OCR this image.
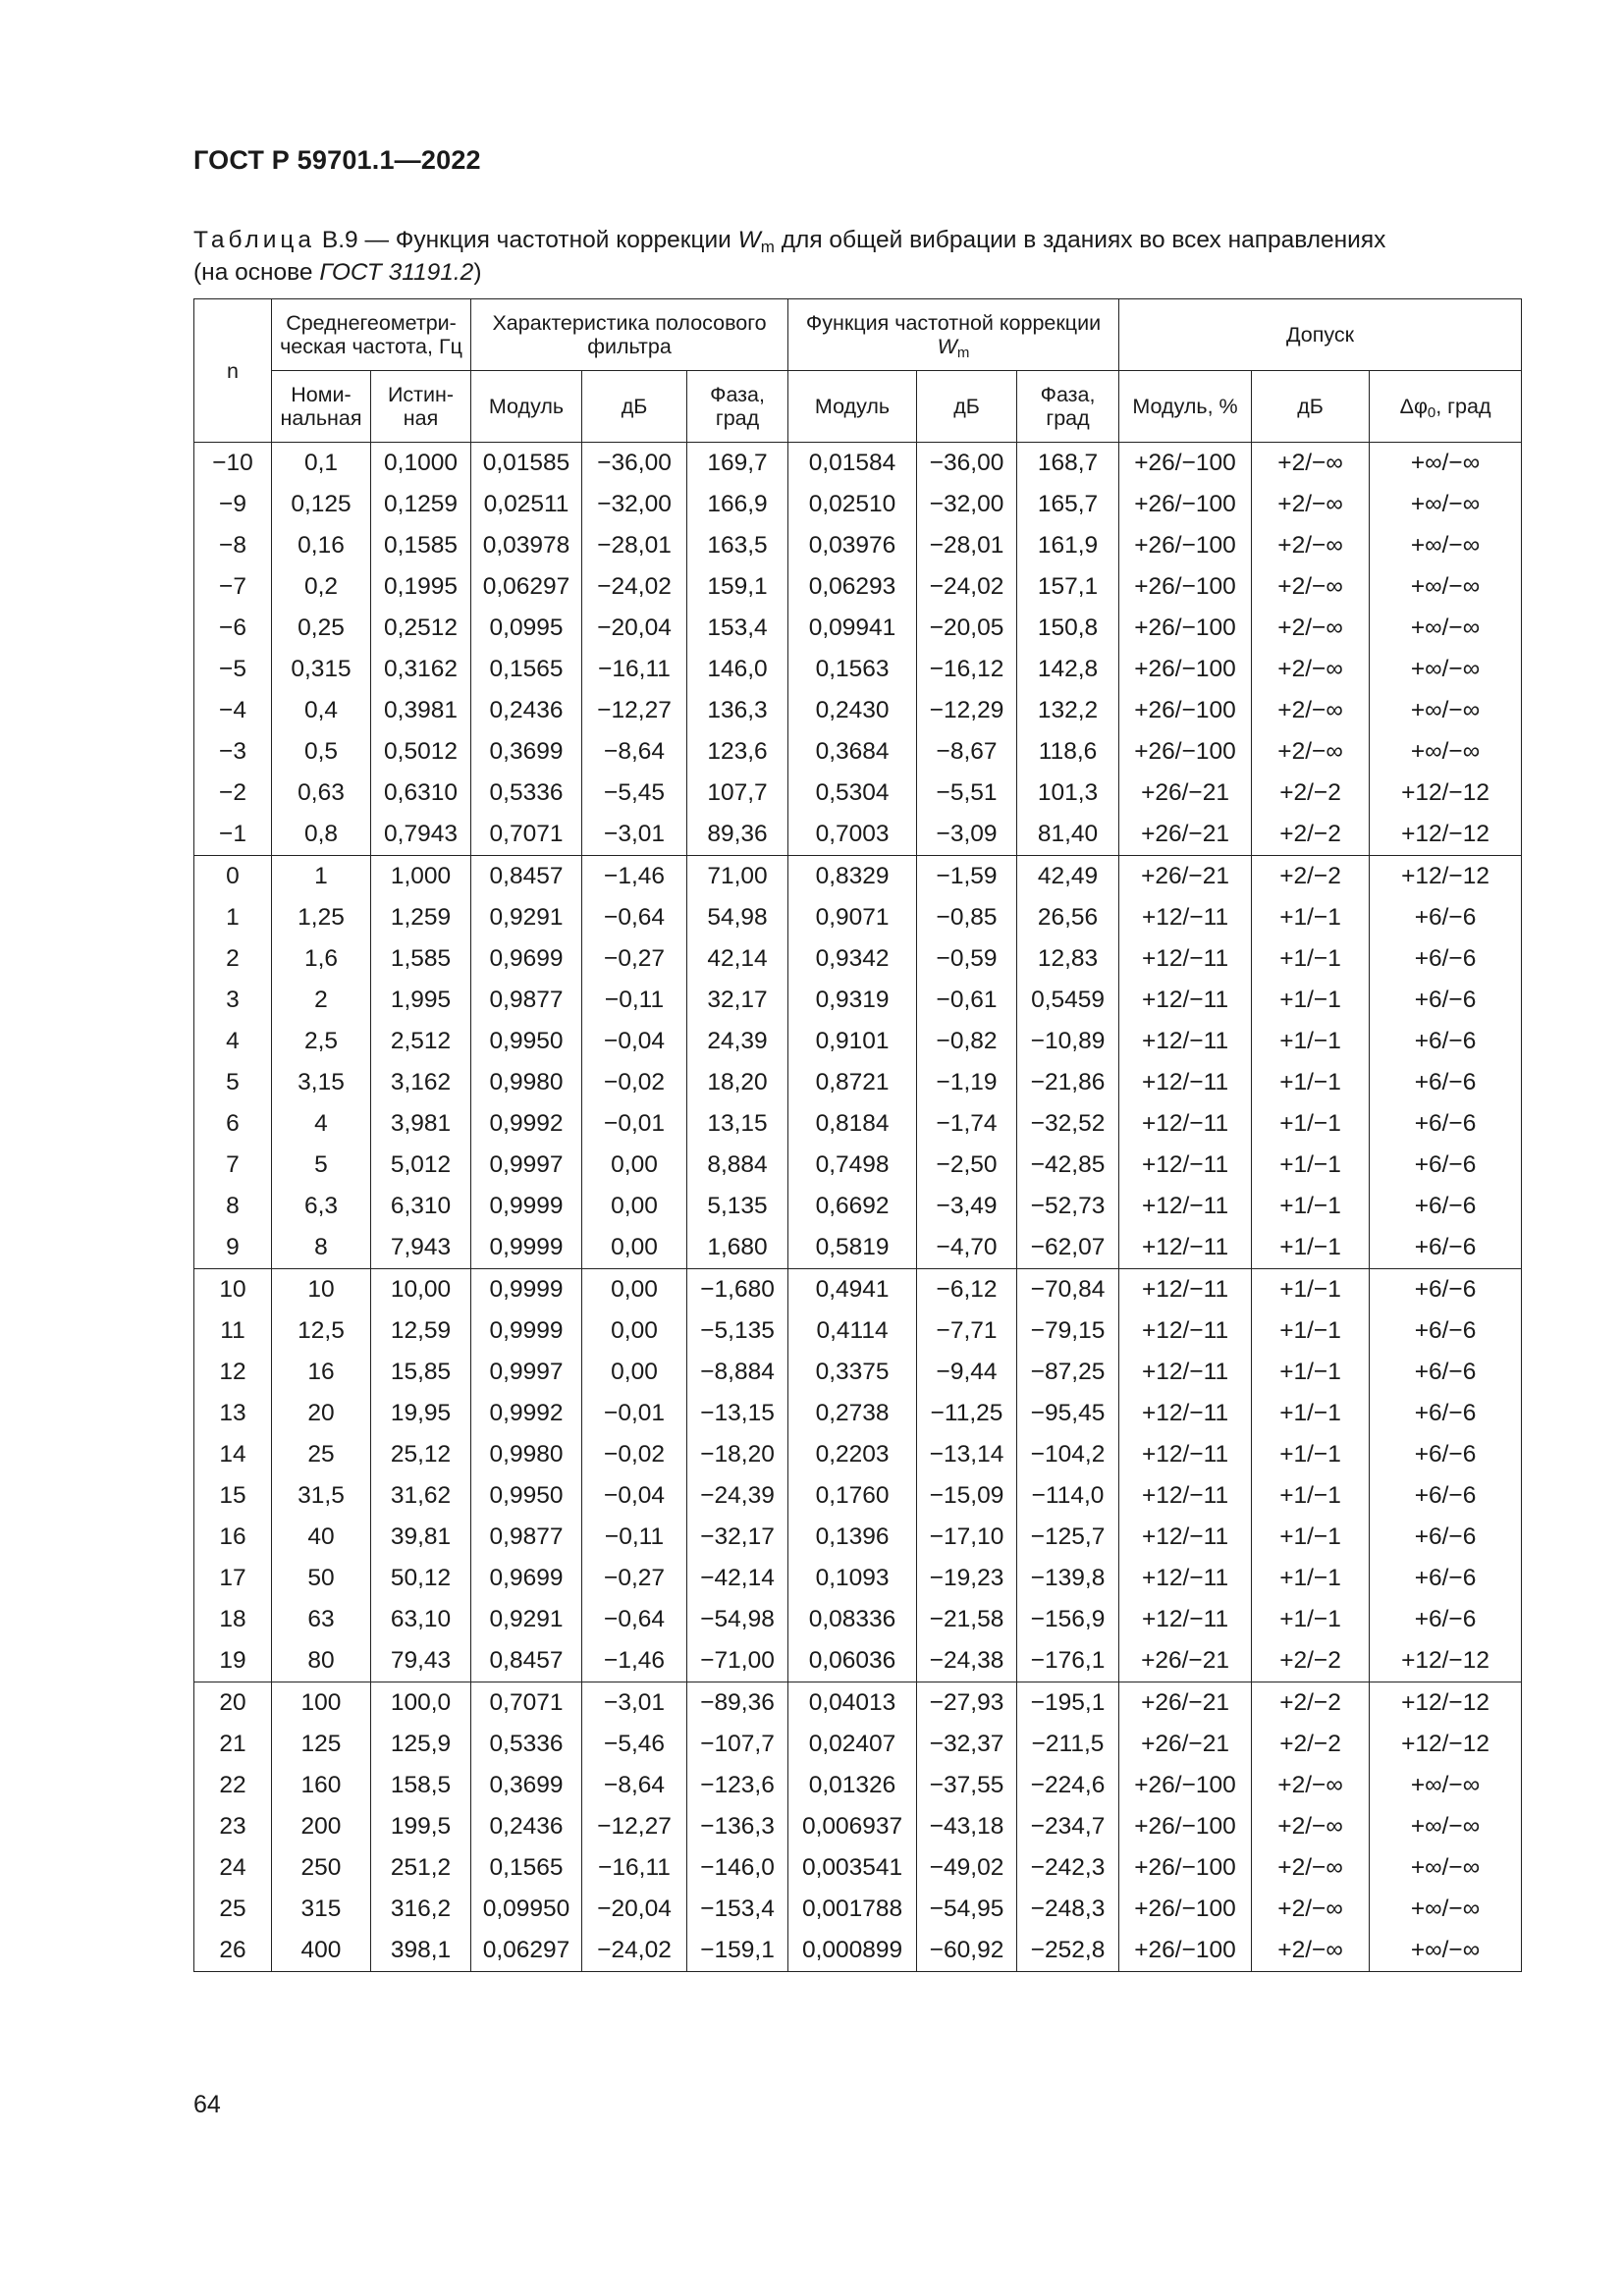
ГОСТ Р 59701.1—2022
Таблица В.9 — Функция частотной коррекции $W_m$ для общей вибрации в зданиях во всех направлениях
(на основе ГОСТ 31191.2)
n	Среднегеометри-ческая частота, Гц		Характеристика полосового фильтра			Функция частотной коррекции $W_m$			Допуск		
	Номи-нальная	Истин-ная	Модуль	дБ	Фаза, град	Модуль	дБ	Фаза, град	Модуль, %	дБ	$\Delta\varphi_0$, град
−10	0,1	0,1000	0,01585	−36,00	169,7	0,01584	−36,00	168,7	+26/−100	+2/−∞	+∞/−∞
−9	0,125	0,1259	0,02511	−32,00	166,9	0,02510	−32,00	165,7	+26/−100	+2/−∞	+∞/−∞
−8	0,16	0,1585	0,03978	−28,01	163,5	0,03976	−28,01	161,9	+26/−100	+2/−∞	+∞/−∞
−7	0,2	0,1995	0,06297	−24,02	159,1	0,06293	−24,02	157,1	+26/−100	+2/−∞	+∞/−∞
−6	0,25	0,2512	0,0995	−20,04	153,4	0,09941	−20,05	150,8	+26/−100	+2/−∞	+∞/−∞
−5	0,315	0,3162	0,1565	−16,11	146,0	0,1563	−16,12	142,8	+26/−100	+2/−∞	+∞/−∞
−4	0,4	0,3981	0,2436	−12,27	136,3	0,2430	−12,29	132,2	+26/−100	+2/−∞	+∞/−∞
−3	0,5	0,5012	0,3699	−8,64	123,6	0,3684	−8,67	118,6	+26/−100	+2/−∞	+∞/−∞
−2	0,63	0,6310	0,5336	−5,45	107,7	0,5304	−5,51	101,3	+26/−21	+2/−2	+12/−12
−1	0,8	0,7943	0,7071	−3,01	89,36	0,7003	−3,09	81,40	+26/−21	+2/−2	+12/−12
0	1	1,000	0,8457	−1,46	71,00	0,8329	−1,59	42,49	+26/−21	+2/−2	+12/−12
1	1,25	1,259	0,9291	−0,64	54,98	0,9071	−0,85	26,56	+12/−11	+1/−1	+6/−6
2	1,6	1,585	0,9699	−0,27	42,14	0,9342	−0,59	12,83	+12/−11	+1/−1	+6/−6
3	2	1,995	0,9877	−0,11	32,17	0,9319	−0,61	0,5459	+12/−11	+1/−1	+6/−6
4	2,5	2,512	0,9950	−0,04	24,39	0,9101	−0,82	−10,89	+12/−11	+1/−1	+6/−6
5	3,15	3,162	0,9980	−0,02	18,20	0,8721	−1,19	−21,86	+12/−11	+1/−1	+6/−6
6	4	3,981	0,9992	−0,01	13,15	0,8184	−1,74	−32,52	+12/−11	+1/−1	+6/−6
7	5	5,012	0,9997	0,00	8,884	0,7498	−2,50	−42,85	+12/−11	+1/−1	+6/−6
8	6,3	6,310	0,9999	0,00	5,135	0,6692	−3,49	−52,73	+12/−11	+1/−1	+6/−6
9	8	7,943	0,9999	0,00	1,680	0,5819	−4,70	−62,07	+12/−11	+1/−1	+6/−6
10	10	10,00	0,9999	0,00	−1,680	0,4941	−6,12	−70,84	+12/−11	+1/−1	+6/−6
11	12,5	12,59	0,9999	0,00	−5,135	0,4114	−7,71	−79,15	+12/−11	+1/−1	+6/−6
12	16	15,85	0,9997	0,00	−8,884	0,3375	−9,44	−87,25	+12/−11	+1/−1	+6/−6
13	20	19,95	0,9992	−0,01	−13,15	0,2738	−11,25	−95,45	+12/−11	+1/−1	+6/−6
14	25	25,12	0,9980	−0,02	−18,20	0,2203	−13,14	−104,2	+12/−11	+1/−1	+6/−6
15	31,5	31,62	0,9950	−0,04	−24,39	0,1760	−15,09	−114,0	+12/−11	+1/−1	+6/−6
16	40	39,81	0,9877	−0,11	−32,17	0,1396	−17,10	−125,7	+12/−11	+1/−1	+6/−6
17	50	50,12	0,9699	−0,27	−42,14	0,1093	−19,23	−139,8	+12/−11	+1/−1	+6/−6
18	63	63,10	0,9291	−0,64	−54,98	0,08336	−21,58	−156,9	+12/−11	+1/−1	+6/−6
19	80	79,43	0,8457	−1,46	−71,00	0,06036	−24,38	−176,1	+26/−21	+2/−2	+12/−12
20	100	100,0	0,7071	−3,01	−89,36	0,04013	−27,93	−195,1	+26/−21	+2/−2	+12/−12
21	125	125,9	0,5336	−5,46	−107,7	0,02407	−32,37	−211,5	+26/−21	+2/−2	+12/−12
22	160	158,5	0,3699	−8,64	−123,6	0,01326	−37,55	−224,6	+26/−100	+2/−∞	+∞/−∞
23	200	199,5	0,2436	−12,27	−136,3	0,006937	−43,18	−234,7	+26/−100	+2/−∞	+∞/−∞
24	250	251,2	0,1565	−16,11	−146,0	0,003541	−49,02	−242,3	+26/−100	+2/−∞	+∞/−∞
25	315	316,2	0,09950	−20,04	−153,4	0,001788	−54,95	−248,3	+26/−100	+2/−∞	+∞/−∞
26	400	398,1	0,06297	−24,02	−159,1	0,000899	−60,92	−252,8	+26/−100	+2/−∞	+∞/−∞
64
